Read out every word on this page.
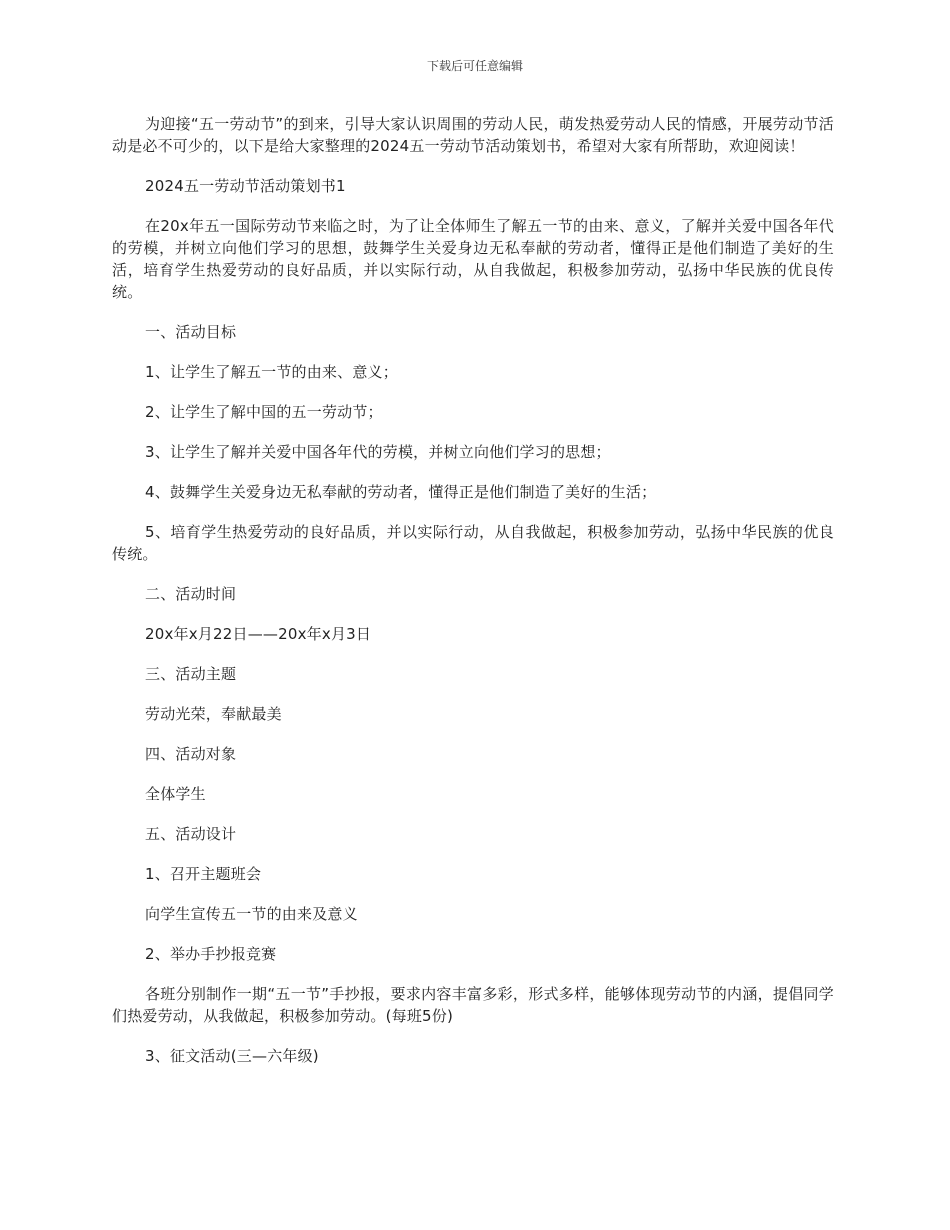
下载后可任意编辑

为迎接“五一劳动节”的到来，引导大家认识周围的劳动人民，萌发热爱劳动人民的情感，开展劳动节活动是必不可少的，以下是给大家整理的2024五一劳动节活动策划书，希望对大家有所帮助，欢迎阅读！

2024五一劳动节活动策划书1

在20x年五一国际劳动节来临之时，为了让全体师生了解五一节的由来、意义，了解并关爱中国各年代的劳模，并树立向他们学习的思想，鼓舞学生关爱身边无私奉献的劳动者，懂得正是他们制造了美好的生活，培育学生热爱劳动的良好品质，并以实际行动，从自我做起，积极参加劳动，弘扬中华民族的优良传统。

一、活动目标

1、让学生了解五一节的由来、意义；

2、让学生了解中国的五一劳动节；

3、让学生了解并关爱中国各年代的劳模，并树立向他们学习的思想；

4、鼓舞学生关爱身边无私奉献的劳动者，懂得正是他们制造了美好的生活；

5、培育学生热爱劳动的良好品质，并以实际行动，从自我做起，积极参加劳动，弘扬中华民族的优良传统。

二、活动时间

20x年x月22日——20x年x月3日

三、活动主题

劳动光荣，奉献最美

四、活动对象

全体学生

五、活动设计

1、召开主题班会

向学生宣传五一节的由来及意义

2、举办手抄报竞赛

各班分别制作一期“五一节”手抄报，要求内容丰富多彩，形式多样，能够体现劳动节的内涵，提倡同学们热爱劳动，从我做起，积极参加劳动。(每班5份)

3、征文活动(三—六年级)
